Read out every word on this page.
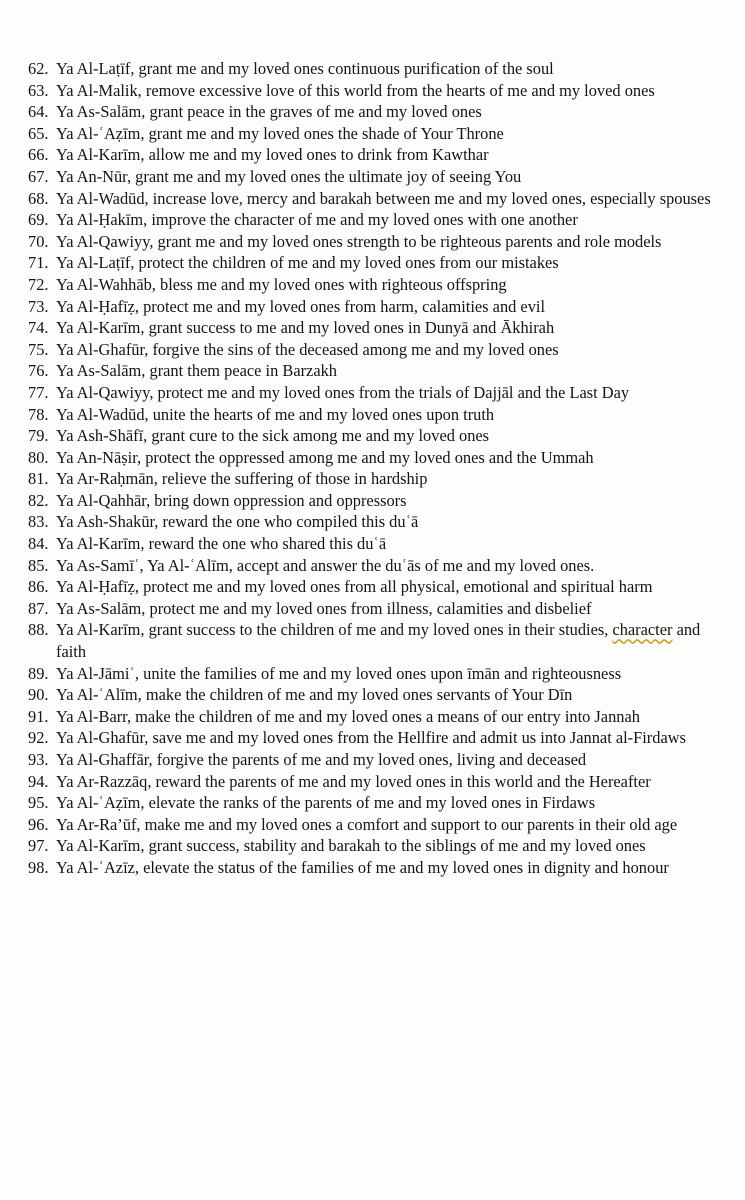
62. Ya Al-Laṭīf, grant me and my loved ones continuous purification of the soul
63. Ya Al-Malik, remove excessive love of this world from the hearts of me and my loved ones
64. Ya As-Salām, grant peace in the graves of me and my loved ones
65. Ya Al-ʿAẓīm, grant me and my loved ones the shade of Your Throne
66. Ya Al-Karīm, allow me and my loved ones to drink from Kawthar
67. Ya An-Nūr, grant me and my loved ones the ultimate joy of seeing You
68. Ya Al-Wadūd, increase love, mercy and barakah between me and my loved ones, especially spouses
69. Ya Al-Ḥakīm, improve the character of me and my loved ones with one another
70. Ya Al-Qawiyy, grant me and my loved ones strength to be righteous parents and role models
71. Ya Al-Laṭīf, protect the children of me and my loved ones from our mistakes
72. Ya Al-Wahhāb, bless me and my loved ones with righteous offspring
73. Ya Al-Ḥafīẓ, protect me and my loved ones from harm, calamities and evil
74. Ya Al-Karīm, grant success to me and my loved ones in Dunyā and Ākhirah
75. Ya Al-Ghafūr, forgive the sins of the deceased among me and my loved ones
76. Ya As-Salām, grant them peace in Barzakh
77. Ya Al-Qawiyy, protect me and my loved ones from the trials of Dajjāl and the Last Day
78. Ya Al-Wadūd, unite the hearts of me and my loved ones upon truth
79. Ya Ash-Shāfī, grant cure to the sick among me and my loved ones
80. Ya An-Nāṣir, protect the oppressed among me and my loved ones and the Ummah
81. Ya Ar-Raḥmān, relieve the suffering of those in hardship
82. Ya Al-Qahhār, bring down oppression and oppressors
83. Ya Ash-Shakūr, reward the one who compiled this duʿā
84. Ya Al-Karīm, reward the one who shared this duʿā
85. Ya As-Samīʿ, Ya Al-ʿAlīm, accept and answer the duʿās of me and my loved ones.
86. Ya Al-Ḥafīẓ, protect me and my loved ones from all physical, emotional and spiritual harm
87. Ya As-Salām, protect me and my loved ones from illness, calamities and disbelief
88. Ya Al-Karīm, grant success to the children of me and my loved ones in their studies, character and faith
89. Ya Al-Jāmiʿ, unite the families of me and my loved ones upon īmān and righteousness
90. Ya Al-ʿAlīm, make the children of me and my loved ones servants of Your Dīn
91. Ya Al-Barr, make the children of me and my loved ones a means of our entry into Jannah
92. Ya Al-Ghafūr, save me and my loved ones from the Hellfire and admit us into Jannat al-Firdaws
93. Ya Al-Ghaffār, forgive the parents of me and my loved ones, living and deceased
94. Ya Ar-Razzāq, reward the parents of me and my loved ones in this world and the Hereafter
95. Ya Al-ʿAẓīm, elevate the ranks of the parents of me and my loved ones in Firdaws
96. Ya Ar-Ra’ūf, make me and my loved ones a comfort and support to our parents in their old age
97. Ya Al-Karīm, grant success, stability and barakah to the siblings of me and my loved ones
98. Ya Al-ʿAzīz, elevate the status of the families of me and my loved ones in dignity and honour
